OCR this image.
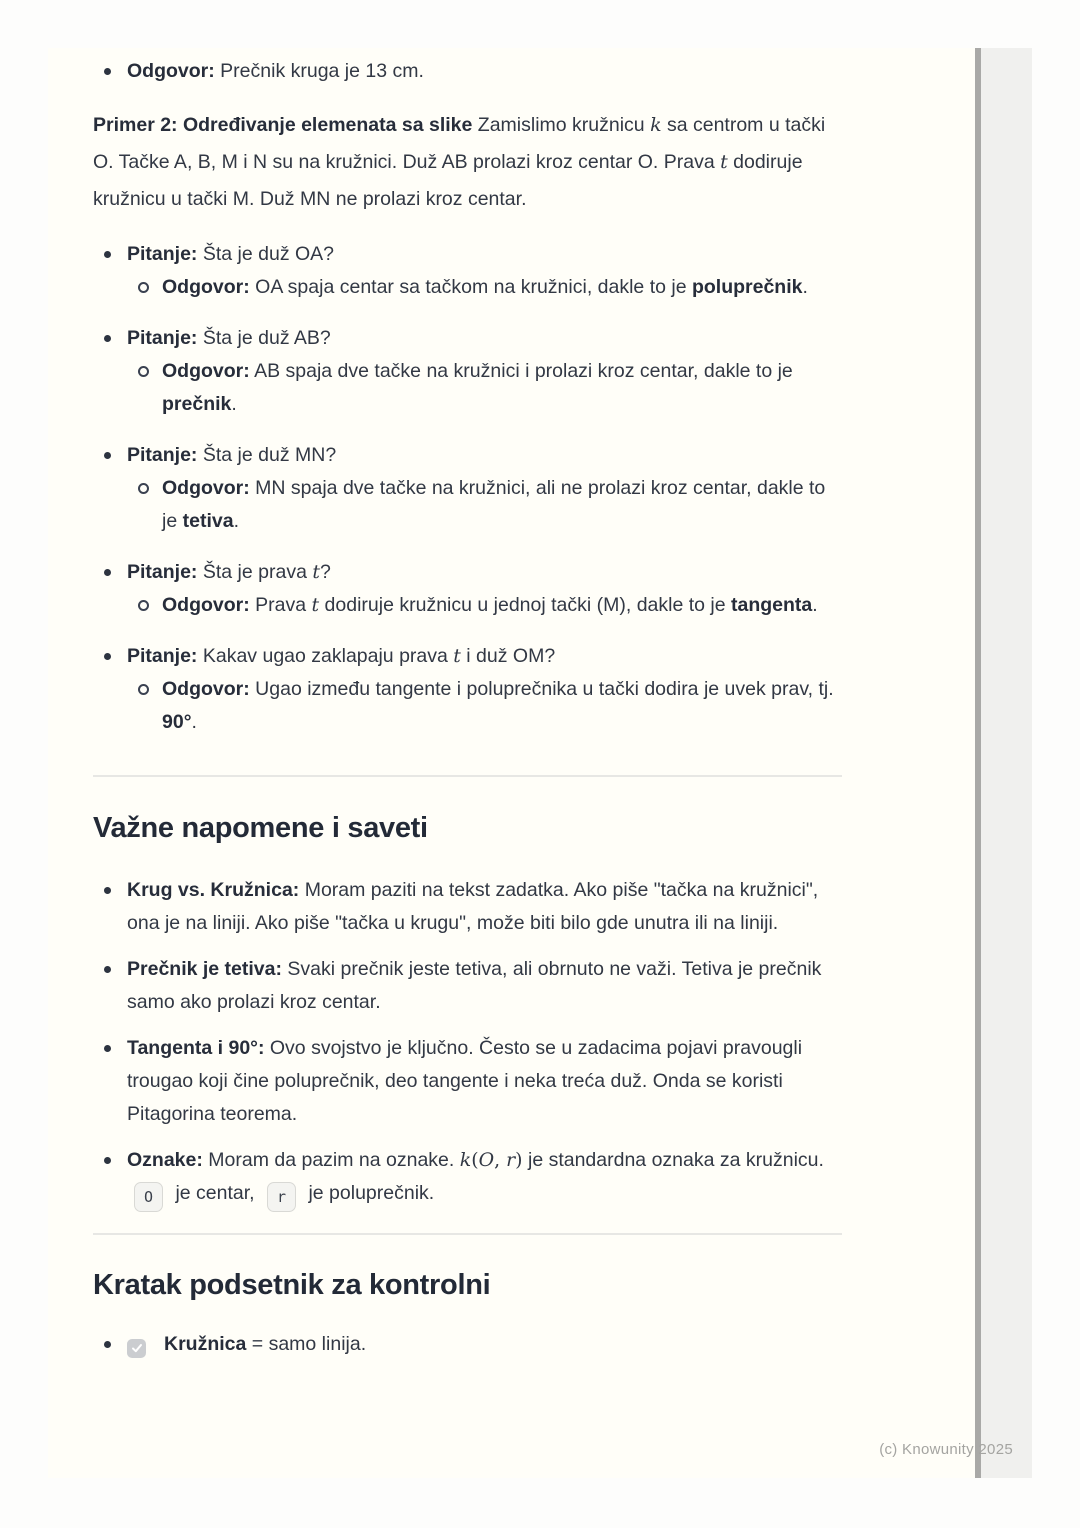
Odgovor: Prečnik kruga je 13 cm.
Primer 2: Određivanje elemenata sa slike Zamislimo kružnicu k sa centrom u tački O. Tačke A, B, M i N su na kružnici. Duž AB prolazi kroz centar O. Prava t dodiruje kružnicu u tački M. Duž MN ne prolazi kroz centar.
Pitanje: Šta je duž OA?
Odgovor: OA spaja centar sa tačkom na kružnici, dakle to je poluprečnik.
Pitanje: Šta je duž AB?
Odgovor: AB spaja dve tačke na kružnici i prolazi kroz centar, dakle to je prečnik.
Pitanje: Šta je duž MN?
Odgovor: MN spaja dve tačke na kružnici, ali ne prolazi kroz centar, dakle to je tetiva.
Pitanje: Šta je prava t?
Odgovor: Prava t dodiruje kružnicu u jednoj tački (M), dakle to je tangenta.
Pitanje: Kakav ugao zaklapaju prava t i duž OM?
Odgovor: Ugao između tangente i poluprečnika u tački dodira je uvek prav, tj. 90°.
Važne napomene i saveti
Krug vs. Kružnica: Moram paziti na tekst zadatka. Ako piše "tačka na kružnici", ona je na liniji. Ako piše "tačka u krugu", može biti bilo gde unutra ili na liniji.
Prečnik je tetiva: Svaki prečnik jeste tetiva, ali obrnuto ne važi. Tetiva je prečnik samo ako prolazi kroz centar.
Tangenta i 90°: Ovo svojstvo je ključno. Često se u zadacima pojavi pravougli trougao koji čine poluprečnik, deo tangente i neka treća duž. Onda se koristi Pitagorina teorema.
Oznake: Moram da pazim na oznake. k(O, r) je standardna oznaka za kružnicu. O je centar, r je poluprečnik.
Kratak podsetnik za kontrolni
Kružnica = samo linija.
(c) Knowunity 2025
